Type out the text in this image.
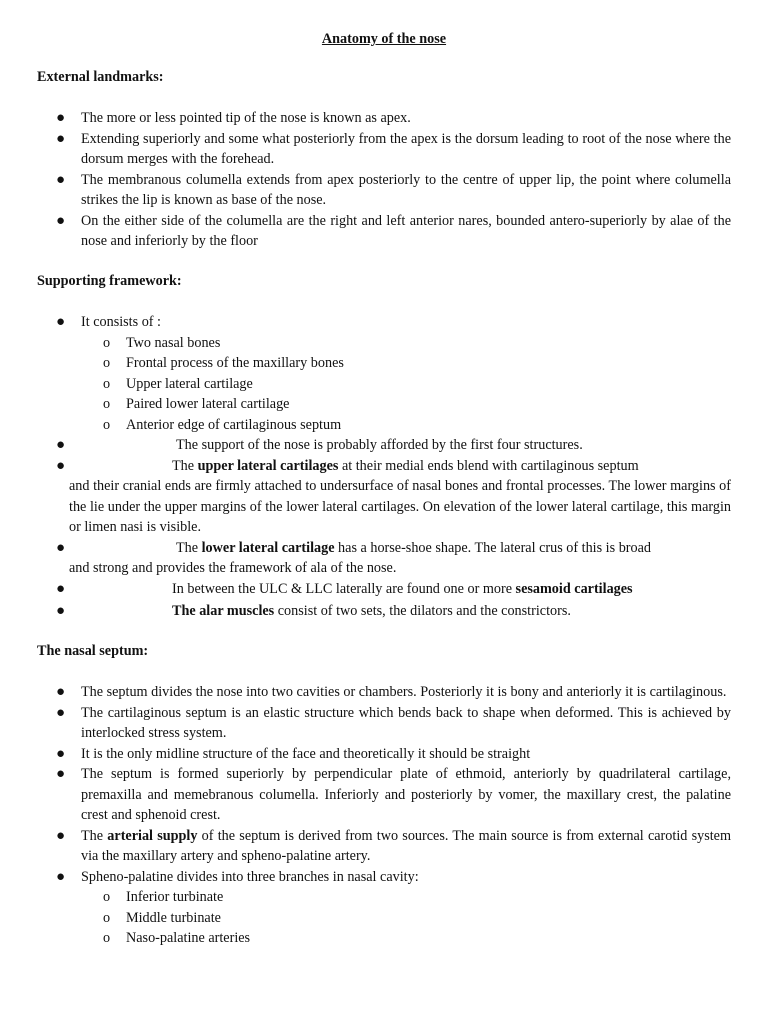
Anatomy of the nose
External landmarks:
● The more or less pointed tip of the nose is known as apex.
● Extending superiorly and some what posteriorly from the apex is the dorsum leading to root of the nose where the dorsum merges with the forehead.
● The membranous columella extends from apex posteriorly to the centre of upper lip, the point where columella strikes the lip is known as base of the nose.
● On the either side of the columella are the right and left anterior nares, bounded antero-superiorly by alae of the nose and inferiorly by the floor
Supporting framework:
● It consists of :
o Two nasal bones
o Frontal process of the maxillary bones
o Upper lateral cartilage
o Paired lower lateral cartilage
o Anterior edge of cartilaginous septum
●	The support of the nose is probably afforded by the first four structures.
●	The upper lateral cartilages at their medial ends blend with cartilaginous septum
and their cranial ends are firmly attached to undersurface of nasal bones and frontal processes. The lower margins of the lie under the upper margins of the lower lateral cartilages. On elevation of the lower lateral cartilage, this margin or limen nasi is visible.
●	The lower lateral cartilage has a horse-shoe shape. The lateral crus of this is broad
and strong and provides the framework of ala of the nose.
●	In between the ULC & LLC laterally are found one or more sesamoid cartilages
●	The alar muscles consist of two sets, the dilators and the constrictors.
The nasal septum:
● The septum divides the nose into two cavities or chambers. Posteriorly it is bony and anteriorly it is cartilaginous.
● The cartilaginous septum is an elastic structure which bends back to shape when deformed. This is achieved by interlocked stress system.
● It is the only midline structure of the face and theoretically it should be straight
● The septum is formed superiorly by perpendicular plate of ethmoid, anteriorly by quadrilateral cartilage, premaxilla and memebranous columella. Inferiorly and posteriorly by vomer, the maxillary crest, the palatine crest and sphenoid crest.
● The arterial supply of the septum is derived from two sources. The main source is from external carotid system via the maxillary artery and spheno-palatine artery.
● Spheno-palatine divides into three branches in nasal cavity:
o Inferior turbinate
o Middle turbinate
o Naso-palatine arteries
